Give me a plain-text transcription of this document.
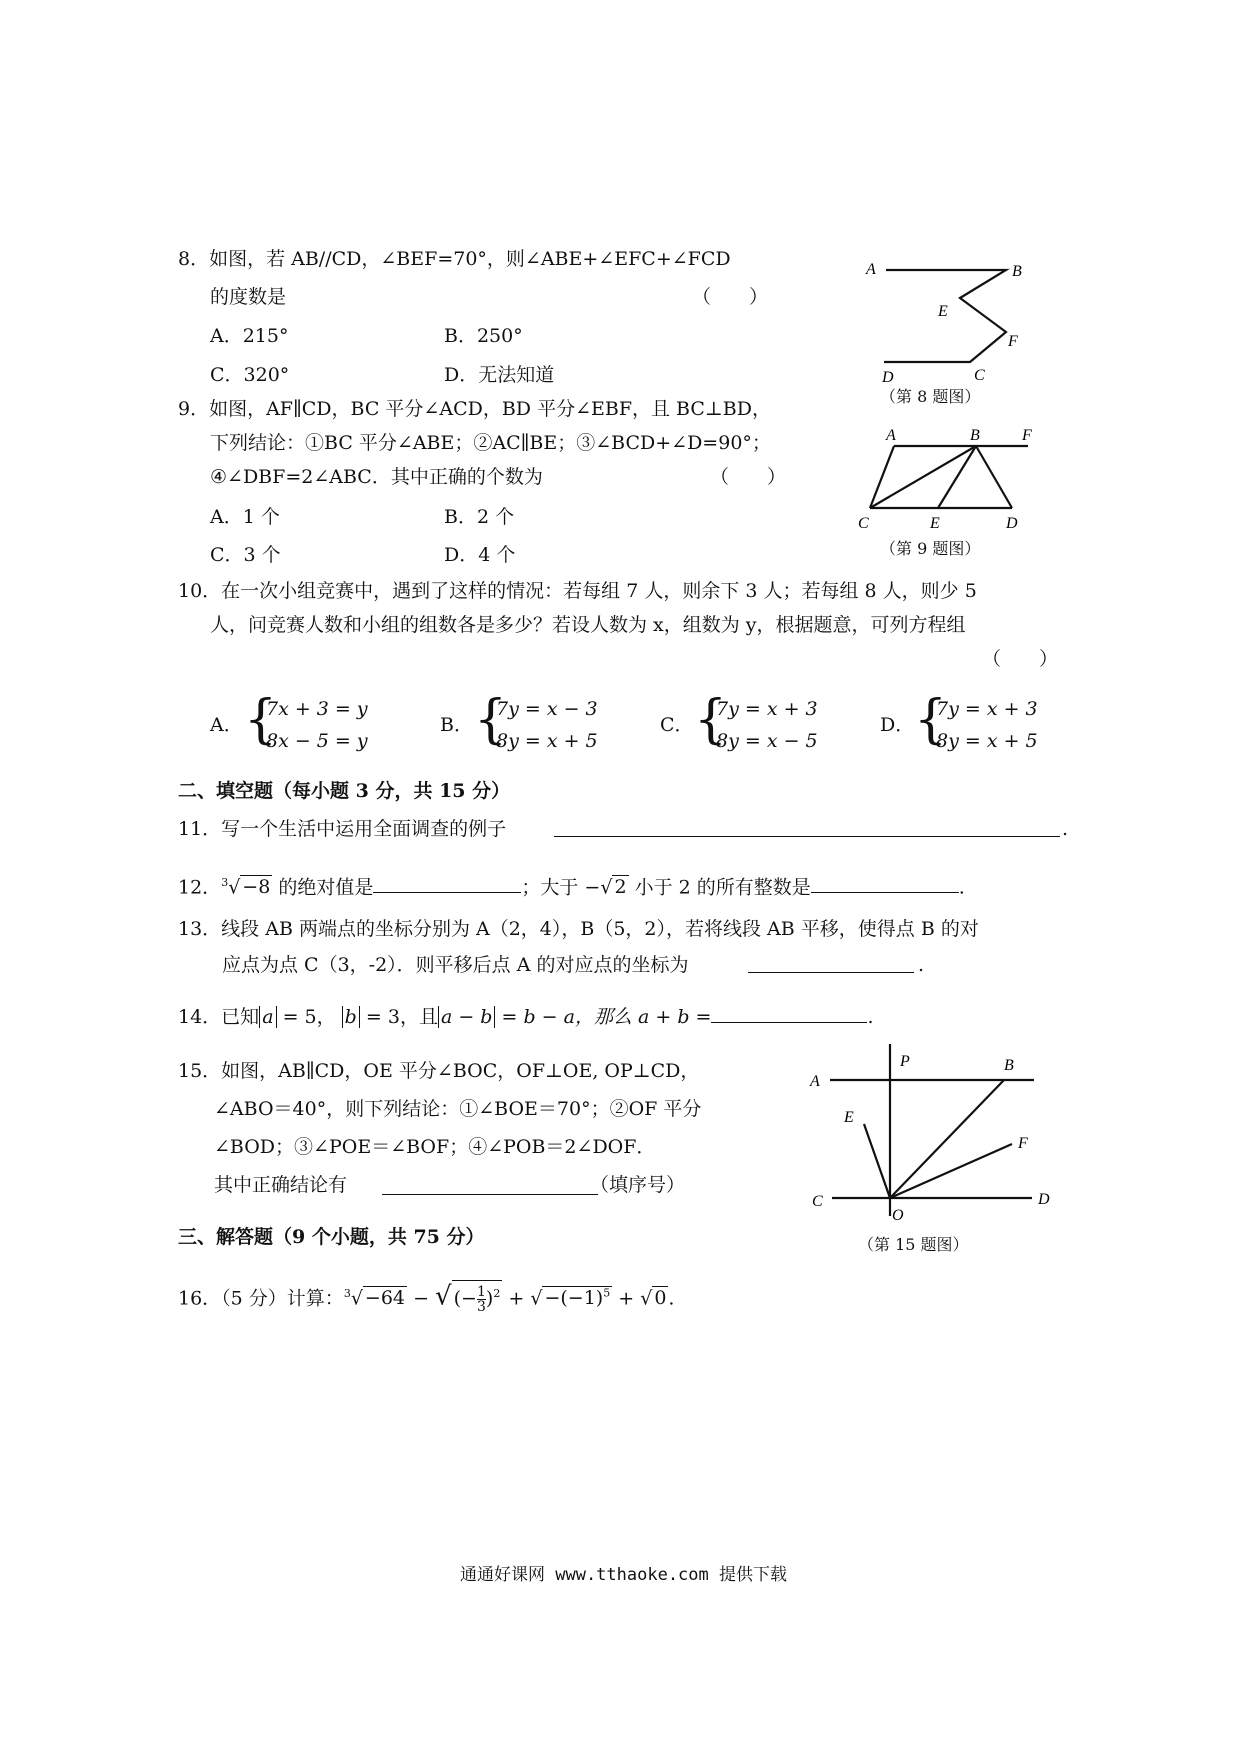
8．如图，若 AB//CD，∠BEF=70°，则∠ABE+∠EFC+∠FCD
的度数是	（　　）
A．215°	B．250°
C．320°	D．无法知道
A	B
E
F
D	C
（第 8 题图）
9．如图，AF∥CD，BC 平分∠ACD，BD 平分∠EBF，且 BC⊥BD，
下列结论：①BC 平分∠ABE；②AC∥BE；③∠BCD+∠D=90°；
④∠DBF=2∠ABC．其中正确的个数为	（　　）
A．1 个	B．2 个
C．3 个	D．4 个
A	B	F
C	E	D
（第 9 题图）
10．在一次小组竞赛中，遇到了这样的情况：若每组 7 人，则余下 3 人；若每组 8 人，则少 5
人，问竞赛人数和小组的组数各是多少？若设人数为 x，组数为 y，根据题意，可列方程组
（　　）
A． {
7x + 3 = y
8x − 5 = y
B． {
7y = x − 3
8y = x + 5
C． {
7y = x + 3
8y = x − 5
D． {
7y = x + 3
8y = x + 5
二、填空题（每小题 3 分，共 15 分）
11．写一个生活中运用全面调查的例子	.
12．$^3$√ −8 的绝对值是	；大于 −√ 2 小于 2 的所有整数是	.
13．线段 AB 两端点的坐标分别为 A（2，4），B（5，2），若将线段 AB 平移，使得点 B 的对
应点为点 C（3，-2）．则平移后点 A 的对应点的坐标为	.
14．已知 a = 5， b = 3，且 a − b = b − a，那么 a + b =	.
15．如图，AB∥CD，OE 平分∠BOC，OF⊥OE, OP⊥CD，
∠ABO＝40°，则下列结论：①∠BOE＝70°；②OF 平分
∠BOD；③∠POE＝∠BOF；④∠POB＝2∠DOF．
其中正确结论有	（填序号）
A
P	B
E
F
C
O
D
（第 15 题图）
三、解答题（9 个小题，共 75 分）
16．（5 分）计算：$^3$√ −64 − √ (− $\frac{1}{3} )^2$ + √ $-(-1)^5$ + √ 0 .
通通好课网 www.tthaoke.com 提供下载
